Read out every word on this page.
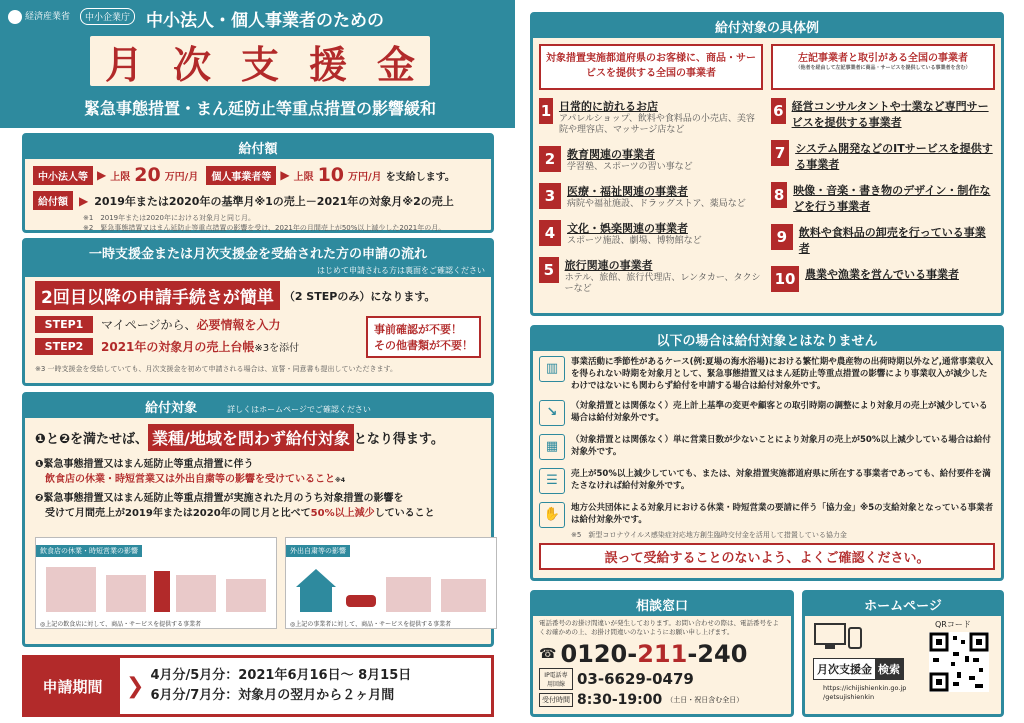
経済産業省	中小企業庁 中小法人・個人事業者のための
月 次 支 援 金
緊急事態措置・まん延防止等重点措置の影響緩和
給付額
中小法人等 ▶ 上限 20 万円/月	個人事業者等 ▶ 上限 10 万円/月 を支給します。
給付額 ▶ 2019年または2020年の基準月※1の売上－2021年の対象月※2の売上
※1　2019年または2020年における対象月と同じ月。
※2　緊急事態措置又はまん延防止等重点措置の影響を受け、2021年の月間売上が50%以上減少した2021年の月。
一時支援金または月次支援金を受給された方の申請の流れ
はじめて申請される方は裏面をご確認ください
2回目以降の申請手続きが簡単 （2 STEPのみ）になります。
STEP1	マイページから、 必要情報を入力
STEP2	2021年の対象月の売上台帳 ※3を添付
事前確認が不要！
その他書類が不要！
※3 一時支援金を受給していても、月次支援金を初めて申請される場合は、宣誓・同意書も提出していただきます。
給付対象	詳しくはホームページでご確認ください
❶と❷を満たせば、 業種/地域を問わず給付対象 となり得ます。
❶緊急事態措置又はまん延防止等重点措置に伴う
飲食店の休業・時短営業又は外出自粛等の影響を受けていること※4
❷緊急事態措置又はまん延防止等重点措置が実施された月のうち対象措置の影響を
受けて月間売上が2019年または2020年の同じ月と比べて50%以上減少していること
飲食店の休業・時短営業の影響
◎上記の飲食店に対して、商品・サービスを提供する事業者
外出自粛等の影響
◎上記の事業者に対して、商品・サービスを提供する事業者
申請期間	❯ 4月分/5月分：2021年6月16日～ 8月15日
6月分/7月分：対象月の翌月から２ヶ月間
給付対象の具体例
対象措置実施都道府県のお客様に、商品・サービスを提供する全国の事業者
1 日常的に訪れるお店
アパレルショップ、飲料や食料品の小売店、美容院や理容店、マッサージ店など
2	教育関連の事業者
学習塾、スポーツの習い事など
3	医療・福祉関連の事業者
病院や福祉施設、ドラッグストア、薬局など
4	文化・娯楽関連の事業者
スポーツ施設、劇場、博物館など
5 旅行関連の事業者
ホテル、旅館、旅行代理店、レンタカー、タクシーなど
左記事業者と取引がある全国の事業者
（他者を経由して左記事業者に商品・サービスを提供している事業者を含む）
6 経営コンサルタントや士業など専門サービスを提供する事業者
7 システム開発などのITサービスを提供する事業者
8 映像・音楽・書き物のデザイン・制作などを行う事業者
9	飲料や食料品の卸売を行っている事業者
10 農業や漁業を営んでいる事業者
以下の場合は給付対象とはなりません
▥	事業活動に季節性があるケース(例:夏場の海水浴場)における繁忙期や農産物の出荷時期以外など,通常事業収入を得られない時期を対象月として、緊急事態措置又はまん延防止等重点措置の影響により事業収入が減少したわけではないにも関わらず給付を申請する場合は給付対象外です。
↘	（対象措置とは関係なく）売上計上基準の変更や顧客との取引時期の調整により対象月の売上が減少している場合は給付対象外です。
▦	（対象措置とは関係なく）単に営業日数が少ないことにより対象月の売上が50%以上減少している場合は給付対象外です。
☰	売上が50%以上減少していても、または、対象措置実施都道府県に所在する事業者であっても、給付要件を満たさなければ給付対象外です。
✋	地方公共団体による対象月における休業・時短営業の要請に伴う「協力金」※5の支給対象となっている事業者は給付対象外です。
※5　新型コロナウイルス感染症対応地方創生臨時交付金を活用して措置している協力金
誤って受給することのないよう、よくご確認ください。
相談窓口
電話番号のお掛け間違いが発生しております。お問い合わせの際は、電話番号をよくお確かめの上、お掛け間違いのないようにお願い申し上げます。
☎ 0120- 211 -240
IP電話専用回線 03-6629-0479
受付時間 8:30-19:00 （土日・祝日含む全日）
ホームページ
QRコード
月次支援金 検索
https://ichijishienkin.go.jp
/getsujishienkin
